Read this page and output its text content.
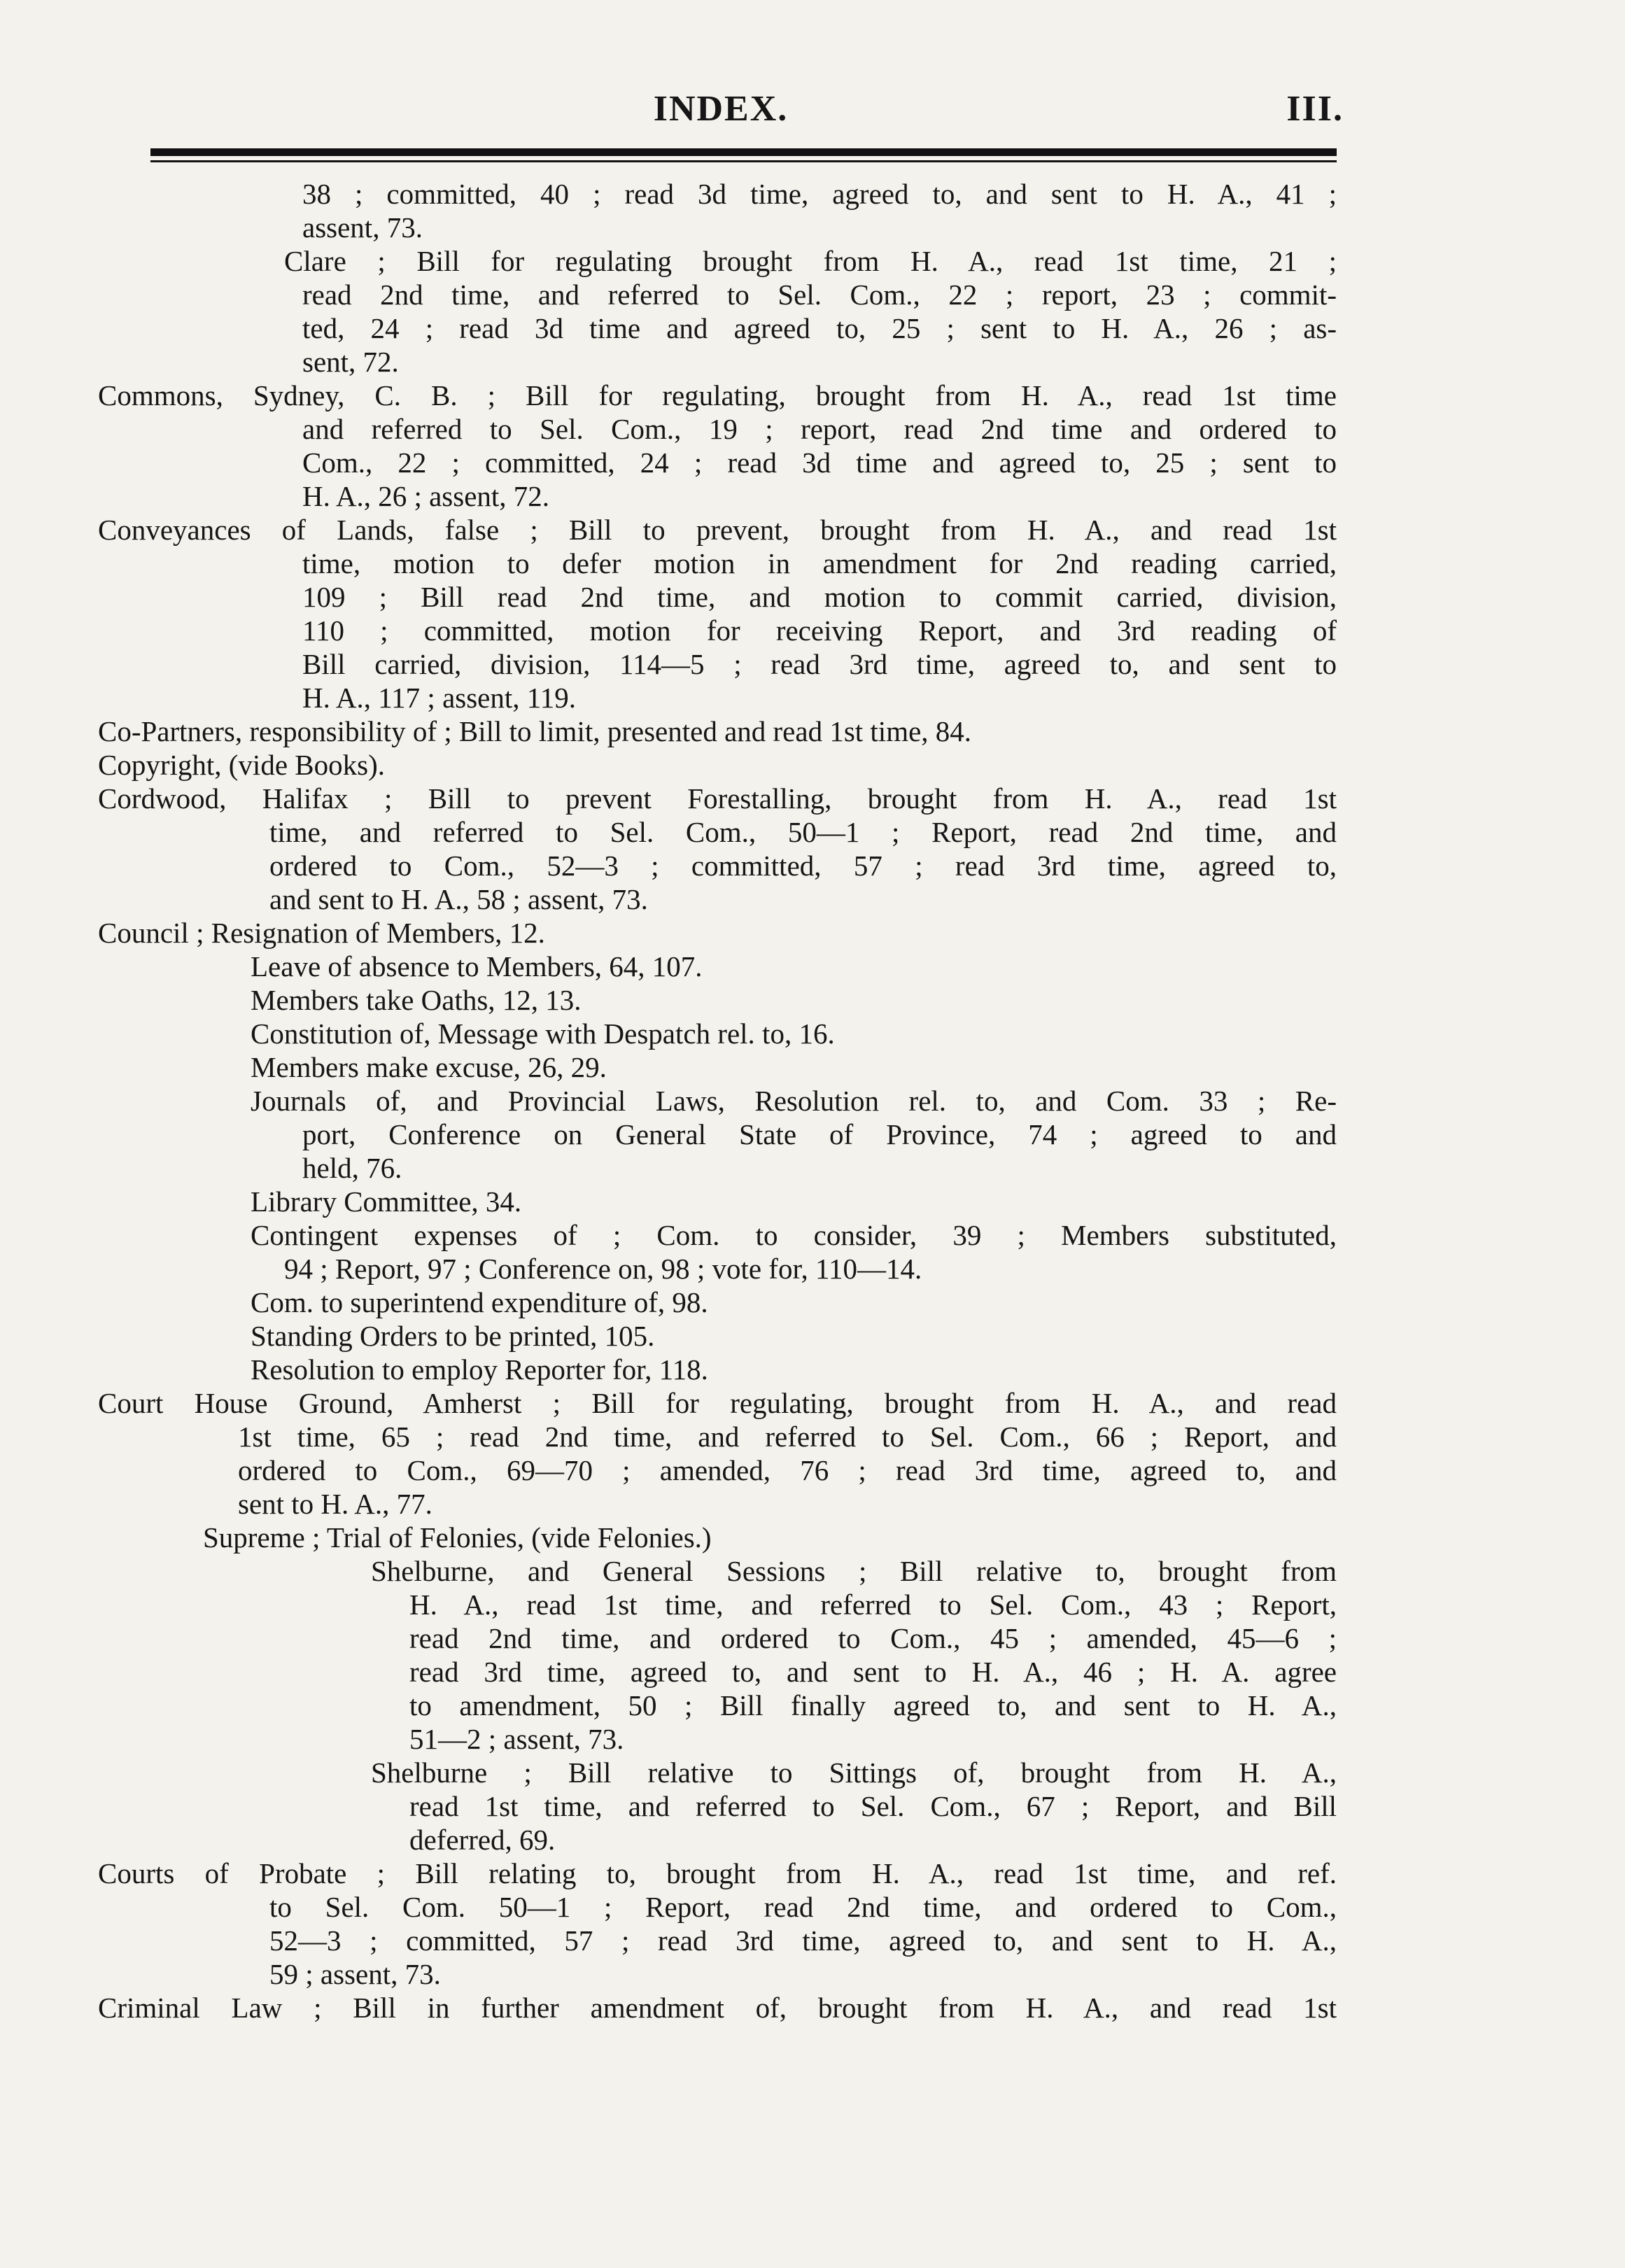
INDEX.	III.
38 ; committed, 40 ; read 3d time, agreed to, and sent to H. A., 41 ;
assent, 73.
Clare ; Bill for regulating brought from H. A., read 1st time, 21 ;
read 2nd time, and referred to Sel. Com., 22 ; report, 23 ; commit-
ted, 24 ; read 3d time and agreed to, 25 ; sent to H. A., 26 ; as-
sent, 72.
Commons, Sydney, C. B. ; Bill for regulating, brought from H. A., read 1st time
and referred to Sel. Com., 19 ; report, read 2nd time and ordered to
Com., 22 ; committed, 24 ; read 3d time and agreed to, 25 ; sent to
H. A., 26 ; assent, 72.
Conveyances of Lands, false ; Bill to prevent, brought from H. A., and read 1st
time, motion to defer motion in amendment for 2nd reading carried,
109 ; Bill read 2nd time, and motion to commit carried, division,
110 ; committed, motion for receiving Report, and 3rd reading of
Bill carried, division, 114—5 ; read 3rd time, agreed to, and sent to
H. A., 117 ; assent, 119.
Co-Partners, responsibility of ; Bill to limit, presented and read 1st time, 84.
Copyright, (vide Books).
Cordwood, Halifax ; Bill to prevent Forestalling, brought from H. A., read 1st
time, and referred to Sel. Com., 50—1 ; Report, read 2nd time, and
ordered to Com., 52—3 ; committed, 57 ; read 3rd time, agreed to,
and sent to H. A., 58 ; assent, 73.
Council ; Resignation of Members, 12.
Leave of absence to Members, 64, 107.
Members take Oaths, 12, 13.
Constitution of, Message with Despatch rel. to, 16.
Members make excuse, 26, 29.
Journals of, and Provincial Laws, Resolution rel. to, and Com. 33 ; Re-
port, Conference on General State of Province, 74 ; agreed to and
held, 76.
Library Committee, 34.
Contingent expenses of ; Com. to consider, 39 ; Members substituted,
94 ; Report, 97 ; Conference on, 98 ; vote for, 110—14.
Com. to superintend expenditure of, 98.
Standing Orders to be printed, 105.
Resolution to employ Reporter for, 118.
Court House Ground, Amherst ; Bill for regulating, brought from H. A., and read
1st time, 65 ; read 2nd time, and referred to Sel. Com., 66 ; Report, and
ordered to Com., 69—70 ; amended, 76 ; read 3rd time, agreed to, and
sent to H. A., 77.
Supreme ; Trial of Felonies, (vide Felonies.)
Shelburne, and General Sessions ; Bill relative to, brought from
H. A., read 1st time, and referred to Sel. Com., 43 ; Report,
read 2nd time, and ordered to Com., 45 ; amended, 45—6 ;
read 3rd time, agreed to, and sent to H. A., 46 ; H. A. agree
to amendment, 50 ; Bill finally agreed to, and sent to H. A.,
51—2 ; assent, 73.
Shelburne ; Bill relative to Sittings of, brought from H. A.,
read 1st time, and referred to Sel. Com., 67 ; Report, and Bill
deferred, 69.
Courts of Probate ; Bill relating to, brought from H. A., read 1st time, and ref.
to Sel. Com. 50—1 ; Report, read 2nd time, and ordered to Com.,
52—3 ; committed, 57 ; read 3rd time, agreed to, and sent to H. A.,
59 ; assent, 73.
Criminal Law ; Bill in further amendment of, brought from H. A., and read 1st
